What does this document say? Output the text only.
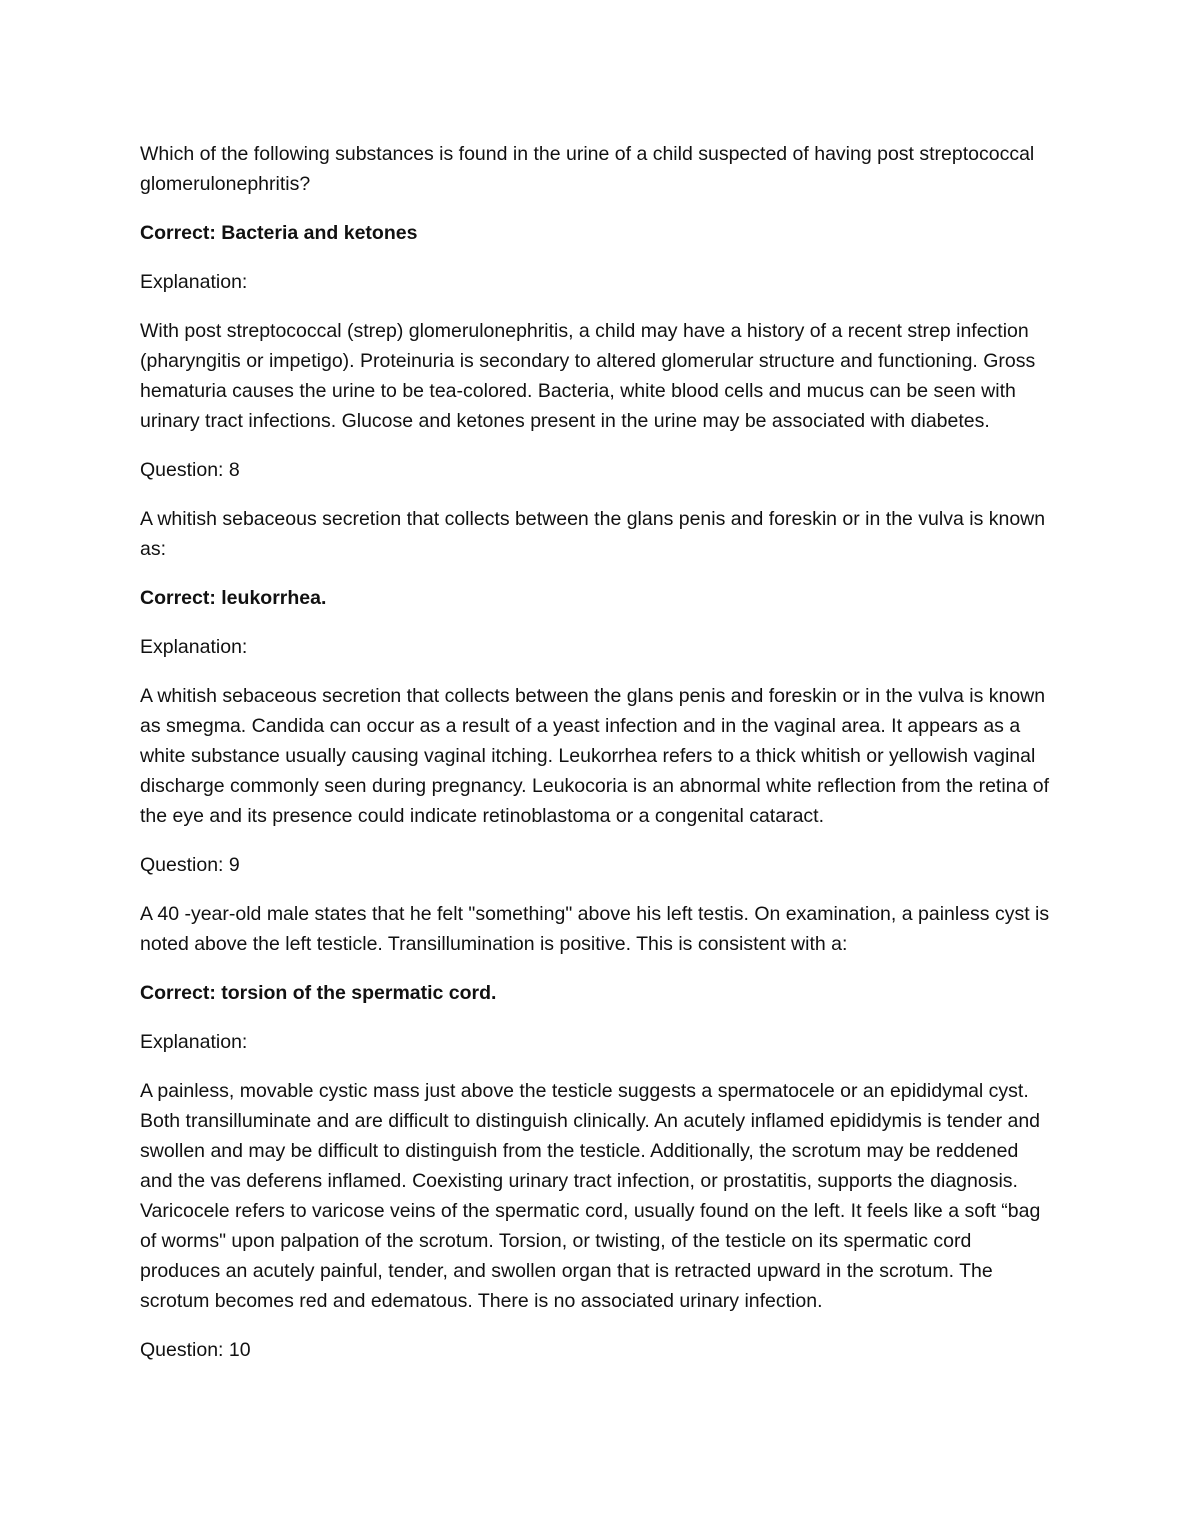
Which of the following substances is found in the urine of a child suspected of having post streptococcal glomerulonephritis?

Correct: Bacteria and ketones

Explanation:

With post streptococcal (strep) glomerulonephritis, a child may have a history of a recent strep infection (pharyngitis or impetigo). Proteinuria is secondary to altered glomerular structure and functioning. Gross hematuria causes the urine to be tea-colored. Bacteria, white blood cells and mucus can be seen with urinary tract infections. Glucose and ketones present in the urine may be associated with diabetes.

Question: 8

A whitish sebaceous secretion that collects between the glans penis and foreskin or in the vulva is known as:

Correct: leukorrhea.

Explanation:

A whitish sebaceous secretion that collects between the glans penis and foreskin or in the vulva is known as smegma. Candida can occur as a result of a yeast infection and in the vaginal area. It appears as a white substance usually causing vaginal itching. Leukorrhea refers to a thick whitish or yellowish vaginal discharge commonly seen during pregnancy. Leukocoria is an abnormal white reflection from the retina of the eye and its presence could indicate retinoblastoma or a congenital cataract.

Question: 9

A 40 -year-old male states that he felt "something" above his left testis. On examination, a painless cyst is noted above the left testicle. Transillumination is positive. This is consistent with a:

Correct: torsion of the spermatic cord.

Explanation:

A painless, movable cystic mass just above the testicle suggests a spermatocele or an epididymal cyst. Both transilluminate and are difficult to distinguish clinically. An acutely inflamed epididymis is tender and swollen and may be difficult to distinguish from the testicle. Additionally, the scrotum may be reddened and the vas deferens inflamed. Coexisting urinary tract infection, or prostatitis, supports the diagnosis. Varicocele refers to varicose veins of the spermatic cord, usually found on the left. It feels like a soft “bag of worms" upon palpation of the scrotum. Torsion, or twisting, of the testicle on its spermatic cord produces an acutely painful, tender, and swollen organ that is retracted upward in the scrotum. The scrotum becomes red and edematous. There is no associated urinary infection.

Question: 10
